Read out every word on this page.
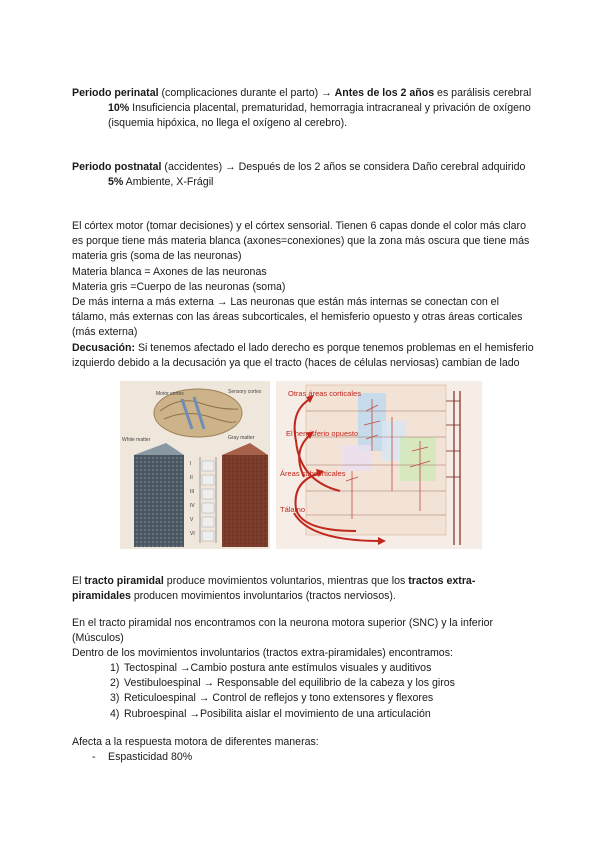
Periodo perinatal (complicaciones durante el parto) → Antes de los 2 años es parálisis cerebral
10% Insuficiencia placental, prematuridad, hemorragia intracraneal y privación de oxígeno (isquemia hipóxica, no llega el oxígeno al cerebro).
Periodo postnatal (accidentes) → Después de los 2 años se considera Daño cerebral adquirido
5% Ambiente, X-Frágil
El córtex motor (tomar decisiones) y el córtex sensorial. Tienen 6 capas donde el color más claro es porque tiene más materia blanca (axones=conexiones) que la zona más oscura que tiene más materia gris (soma de las neuronas)
Materia blanca = Axones de las neuronas
Materia gris =Cuerpo de las neuronas (soma)
De más interna a más externa → Las neuronas que están más internas se conectan con el tálamo, más externas con las áreas subcorticales, el hemisferio opuesto y otras áreas corticales (más externa)
Decusación: Si tenemos afectado el lado derecho es porque tenemos problemas en el hemisferio izquierdo debido a la decusación ya que el tracto (haces de células nerviosas) cambian de lado
Motor cortex	Sensory cortex
White matter	Gray matter
I
II
III
IV
V
VI
Otras áreas corticales
El hemisferio opuesto
Áreas subcorticales
Tálamo
El tracto piramidal produce movimientos voluntarios, mientras que los tractos extra-piramidales producen movimientos involuntarios (tractos nerviosos).
En el tracto piramidal nos encontramos con la neurona motora superior (SNC) y la inferior (Músculos)
Dentro de los movimientos involuntarios (tractos extra-piramidales) encontramos:
1) Tectospinal →Cambio postura ante estímulos visuales y auditivos
2) Vestibuloespinal → Responsable del equilibrio de la cabeza y los giros
3) Reticuloespinal → Control de reflejos y tono extensores y flexores
4) Rubroespinal →Posibilita aislar el movimiento de una articulación
Afecta a la respuesta motora de diferentes maneras:
- Espasticidad 80%
